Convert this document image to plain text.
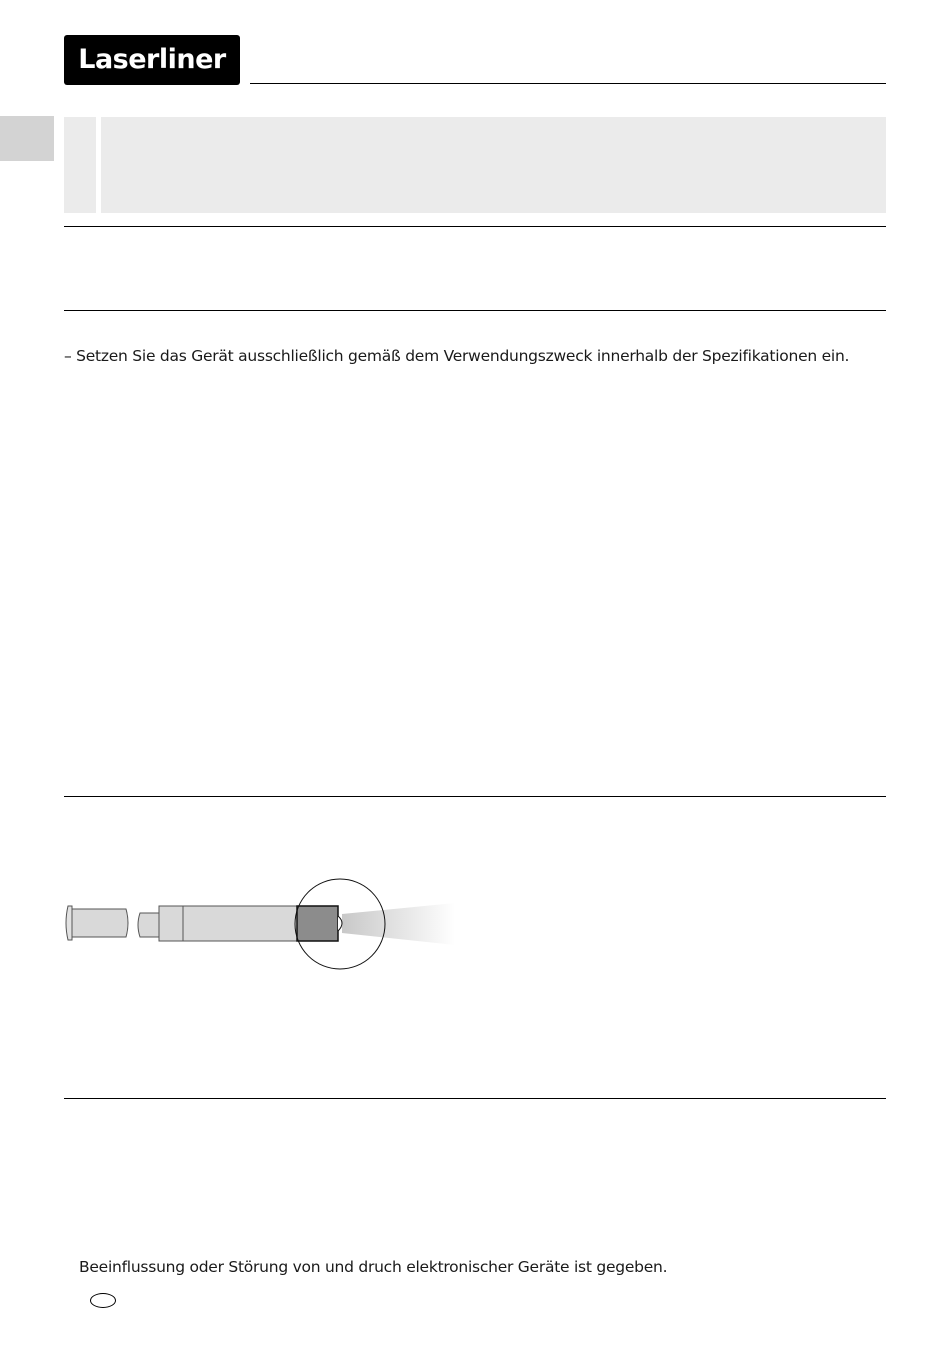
Laserliner
– Setzen Sie das Gerät ausschließlich gemäß dem Verwendungszweck innerhalb der Spezifikationen ein.
Beeinflussung oder Störung von und druch elektronischer Geräte ist gegeben.
